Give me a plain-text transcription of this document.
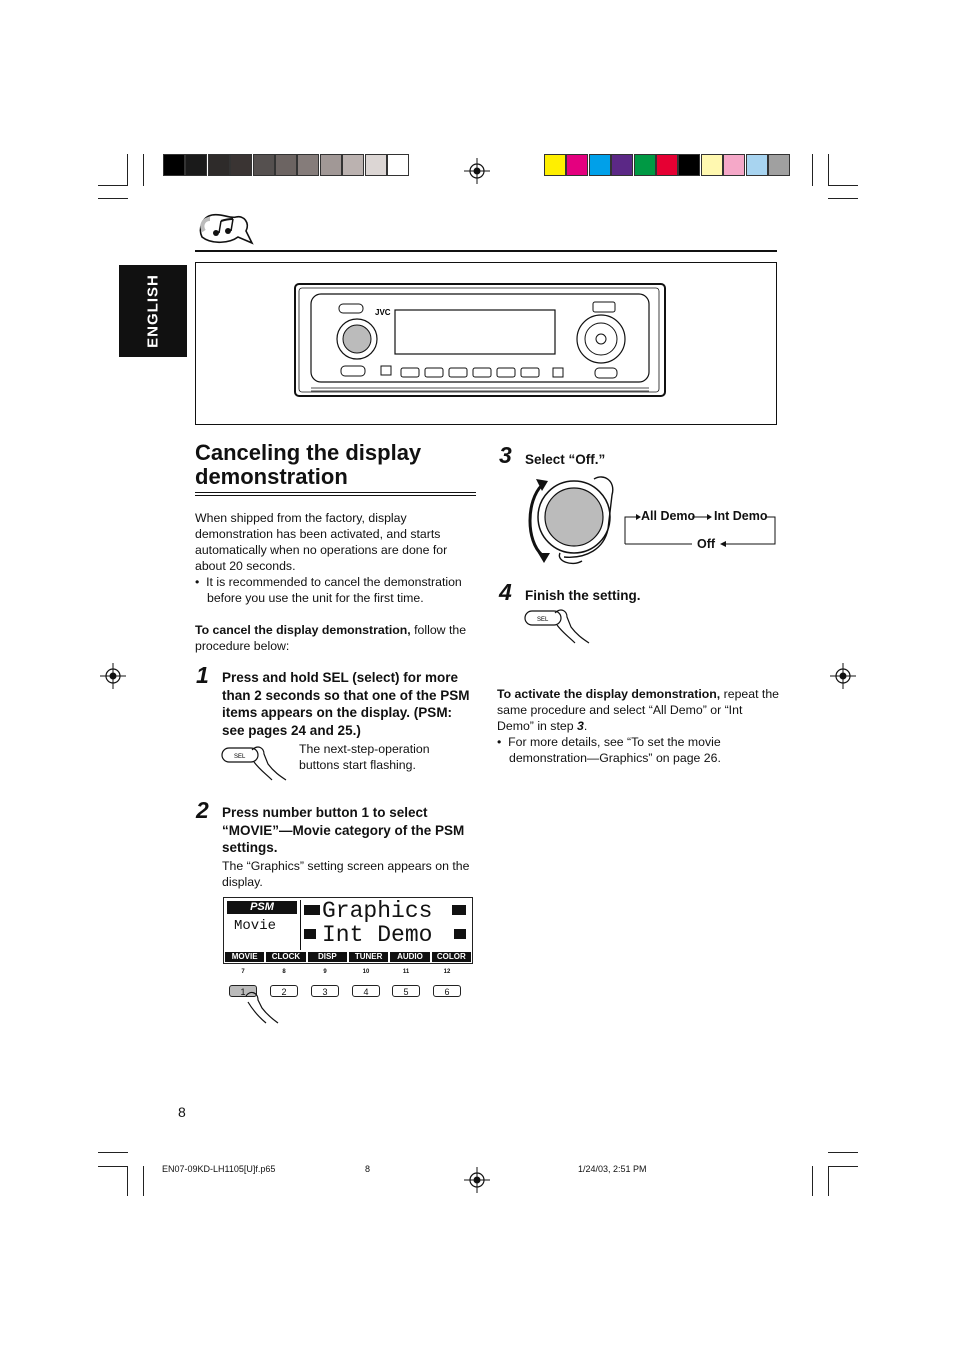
ENGLISH	JVC
Canceling the display demonstration

When shipped from the factory, display demonstration has been activated, and starts automatically when no operations are done for about 20 seconds.

•  It is recommended to cancel the demonstration before you use the unit for the first time.

To cancel the display demonstration, follow the procedure below:
1 Press and hold SEL (select) for more than 2 seconds so that one of the PSM items appears on the display. (PSM: see pages 24 and 25.)
SEL
The next-step-operation buttons start flashing.
2 Press number button 1 to select “MOVIE”—Movie category of the PSM settings.
The “Graphics” setting screen appears on the display.
PSM
Movie
Graphics
Int Demo
MOVIE	CLOCK	DISP	TUNER	AUDIO	COLOR
7	8	9	10	11	12
1	2	3	4	5	6
3 Select “Off.”
All Demo Int Demo
Off
4 Finish the setting.
SEL

To activate the display demonstration, repeat the same procedure and select “All Demo” or “Int Demo” in step 3.

•  For more details, see “To set the movie demonstration—Graphics” on page 26.

8
EN07-09KD-LH1105[U]f.p65	8	1/24/03, 2:51 PM
